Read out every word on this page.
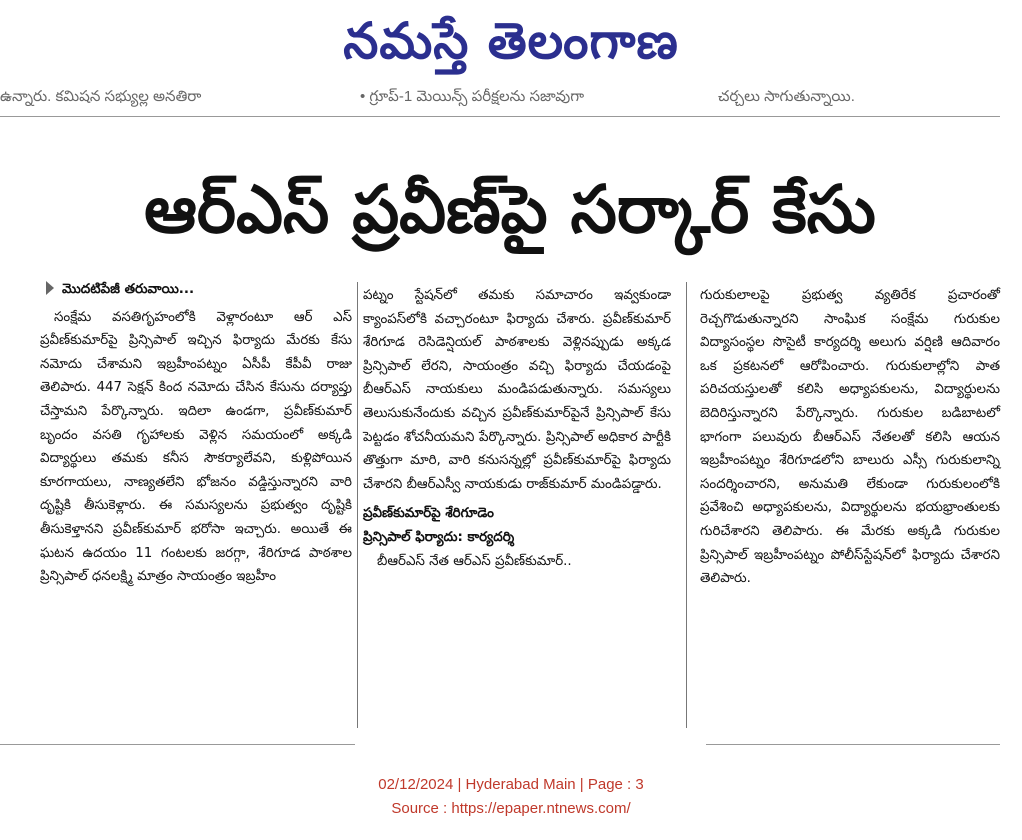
నమస్తే తెలంగాణ
ఉన్నారు. కమిషన సభ్యుల్ల అనతిరా	• గ్రూప్-1 మెయిన్స్ పరీక్షలను సజావుగా	చర్చలు సాగుతున్నాయి.
ఆర్ఎస్ ప్రవీణ్‌పై సర్కార్ కేసు
మొదటిపేజీ తరువాయి...

సంక్షేమ వసతిగృహంలోకి వెళ్లారంటూ ఆర్ ఎస్ ప్రవీణ్‌కుమార్‌పై ప్రిన్సిపాల్ ఇచ్చిన ఫిర్యాదు మేరకు కేసు నమోదు చేశామని ఇబ్రహీంపట్నం ఏసీపీ కేపీవీ రాజు తెలిపారు. 447 సెక్షన్ కింద నమోదు చేసిన కేసును దర్యాప్తు చేస్తామని పేర్కొన్నారు. ఇదిలా ఉండగా, ప్రవీణ్‌కుమార్ బృందం వసతి గృహాలకు వెళ్లిన సమయంలో అక్కడి విద్యార్థులు తమకు కనీస సౌకర్యాలేవని, కుళ్లిపోయిన కూరగాయలు, నాణ్యతలేని భోజనం వడ్డిస్తున్నారని వారి దృష్టికి తీసుకెళ్లారు. ఈ సమస్యలను ప్రభుత్వం దృష్టికి తీసుకెళ్తానని ప్రవీణ్‌కుమార్ భరోసా ఇచ్చారు. అయితే ఈ ఘటన ఉదయం 11 గంటలకు జరగ్గా, శేరిగూడ పాఠశాల ప్రిన్సిపాల్ ధనలక్ష్మి మాత్రం సాయంత్రం ఇబ్రహీం

పట్నం స్టేషన్‌లో తమకు సమాచారం ఇవ్వకుండా క్యాంపస్‌లోకి వచ్చారంటూ ఫిర్యాదు చేశారు. ప్రవీణ్‌కుమార్ శేరిగూడ రెసిడెన్షియల్ పాఠశాలకు వెళ్లినప్పుడు అక్కడ ప్రిన్సిపాల్ లేరని, సాయంత్రం వచ్చి ఫిర్యాదు చేయడంపై బీఆర్ఎస్ నాయకులు మండిపడుతున్నారు. సమస్యలు తెలుసుకునేందుకు వచ్చిన ప్రవీణ్‌కుమార్‌పైనే ప్రిన్సిపాల్ కేసు పెట్టడం శోచనీయమని పేర్కొన్నారు. ప్రిన్సిపాల్ అధికార పార్టీకి తొత్తుగా మారి, వారి కనుసన్నల్లో ప్రవీణ్‌కుమార్‌పై ఫిర్యాదు చేశారని బీఆర్ఎస్వీ నాయకుడు రాజ్‌కుమార్ మండిపడ్డారు.

ప్రవీణ్‌కుమార్‌పై శేరిగూడెం

ప్రిన్సిపాల్ ఫిర్యాదు: కార్యదర్శి

బీఆర్ఎస్ నేత ఆర్ఎస్ ప్రవీణ్‌కుమార్..

గురుకులాలపై ప్రభుత్వ వ్యతిరేక ప్రచారంతో రెచ్చగొడుతున్నారని సాంఘిక సంక్షేమ గురుకుల విద్యాసంస్థల సొసైటీ కార్యదర్శి అలుగు వర్షిణి ఆదివారం ఒక ప్రకటనలో ఆరోపించారు. గురుకులాల్లోని పాత పరిచయస్తులతో కలిసి అధ్యాపకులను, విద్యార్థులను బెదిరిస్తున్నారని పేర్కొన్నారు. గురుకుల బడిబాటలో భాగంగా పలువురు బీఆర్ఎస్ నేతలతో కలిసి ఆయన ఇబ్రహీంపట్నం శేరిగూడలోని బాలురు ఎస్సీ గురుకులాన్ని సందర్శించారని, అనుమతి లేకుండా గురుకులంలోకి ప్రవేశించి అధ్యాపకులను, విద్యార్థులను భయభ్రాంతులకు గురిచేశారని తెలిపారు. ఈ మేరకు అక్కడి గురుకుల ప్రిన్సిపాల్ ఇబ్రహీంపట్నం పోలీస్‌స్టేషన్‌లో ఫిర్యాదు చేశారని తెలిపారు.

02/12/2024 | Hyderabad Main | Page : 3
Source : https://epaper.ntnews.com/
